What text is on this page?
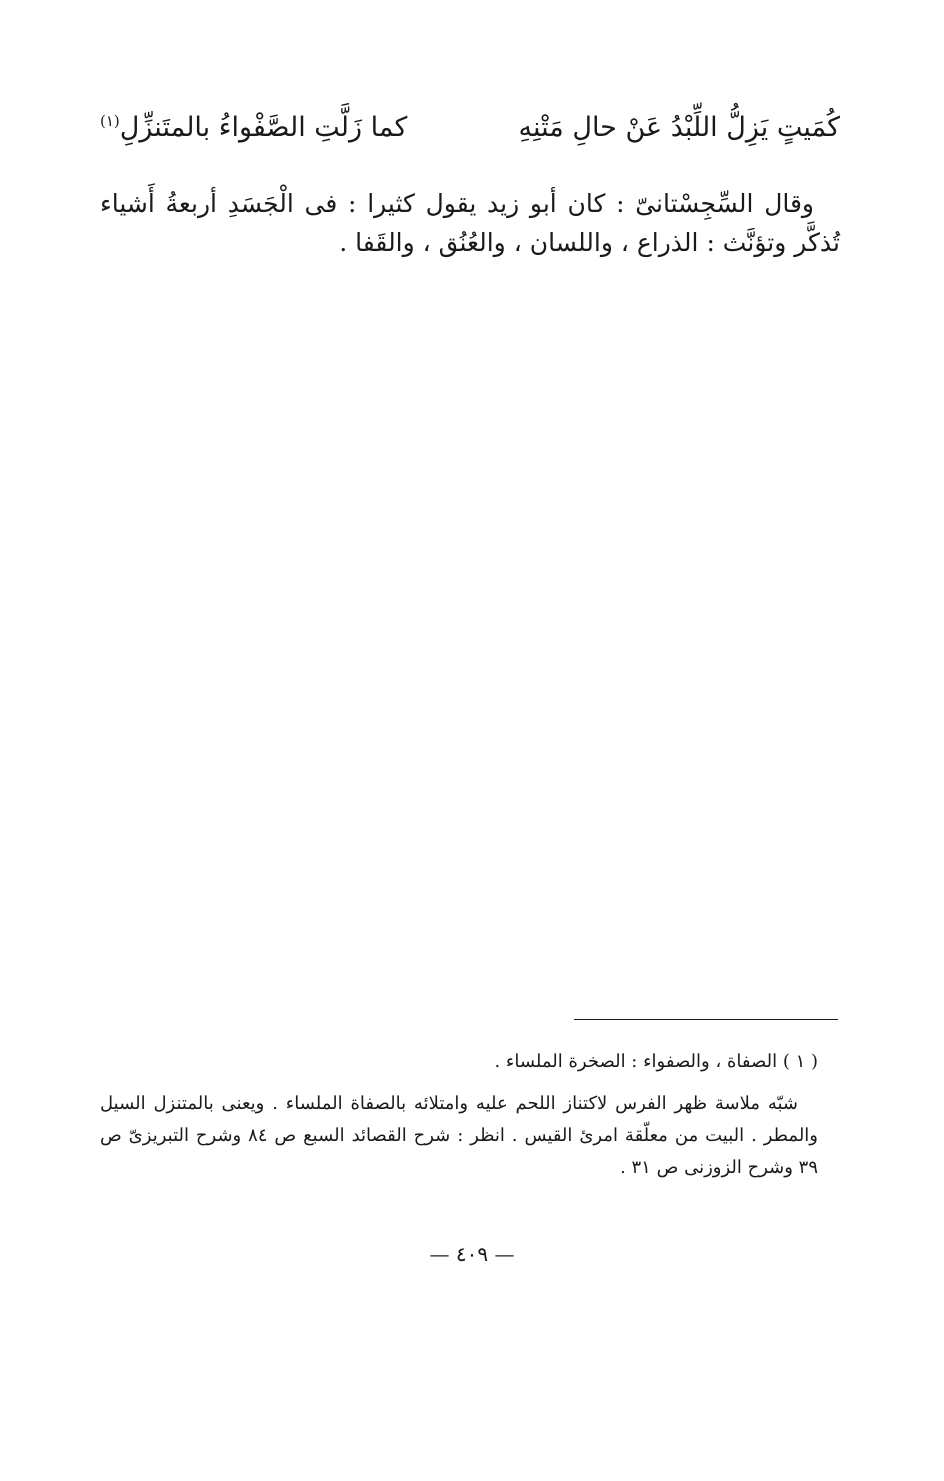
كُمَيتٍ يَزِلُّ اللِّبْدُ عَنْ حالِ مَتْنِهِ
كما زَلَّتِ الصَّفْواءُ بالمتَنزِّلِ$^{(١)}$

وقال السِّجِسْتانىّ : كان أبو زيد يقول كثيرا : فى الْجَسَدِ أربعةُ أَشياء تُذكَّر وتؤنَّث : الذراع ، واللسان ، والعُنُق ، والقَفا .

( ١ ) الصفاة ، والصفواء : الصخرة الملساء .

شبّه ملاسة ظهر الفرس لاكتناز اللحم عليه وامتلائه بالصفاة الملساء . ويعنى بالمتنزل السيل والمطر . البيت من معلّقة امرئ القيس . انظر : شرح القصائد السبع ص ٨٤ وشرح التبريزىّ ص ٣٩ وشرح الزوزنى ص ٣١ .

— ٤٠٩ —
